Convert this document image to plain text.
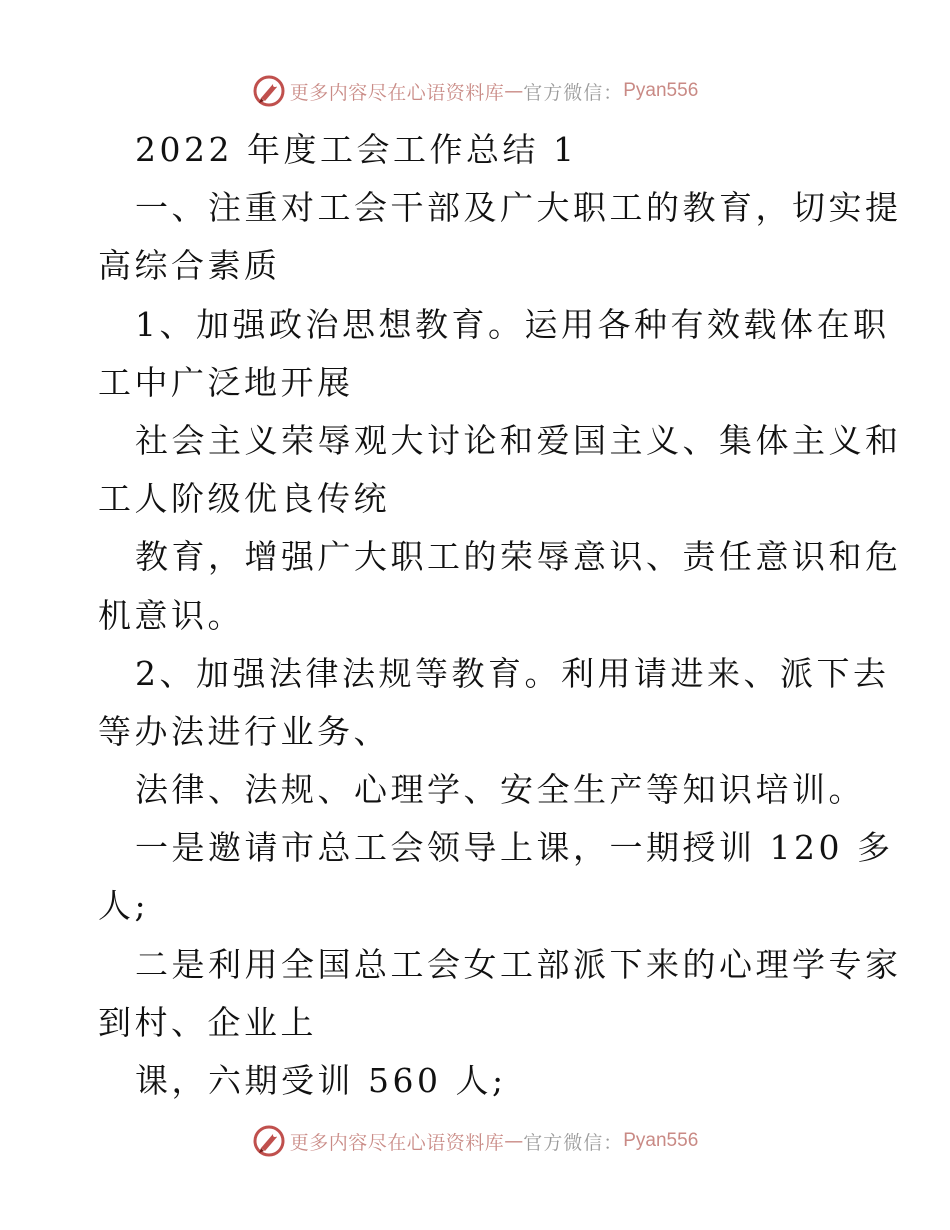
更多内容尽在心语资料库 — 官方微信： Pyan556
2022 年度工会工作总结 1
一、注重对工会干部及广大职工的教育，切实提
高综合素质
1、加强政治思想教育。运用各种有效载体在职
工中广泛地开展
社会主义荣辱观大讨论和爱国主义、集体主义和
工人阶级优良传统
教育，增强广大职工的荣辱意识、责任意识和危
机意识。
2、加强法律法规等教育。利用请进来、派下去
等办法进行业务、
法律、法规、心理学、安全生产等知识培训。
一是邀请市总工会领导上课，一期授训 120 多
人;
二是利用全国总工会女工部派下来的心理学专家
到村、企业上
课，六期受训 560 人;
更多内容尽在心语资料库 — 官方微信： Pyan556
